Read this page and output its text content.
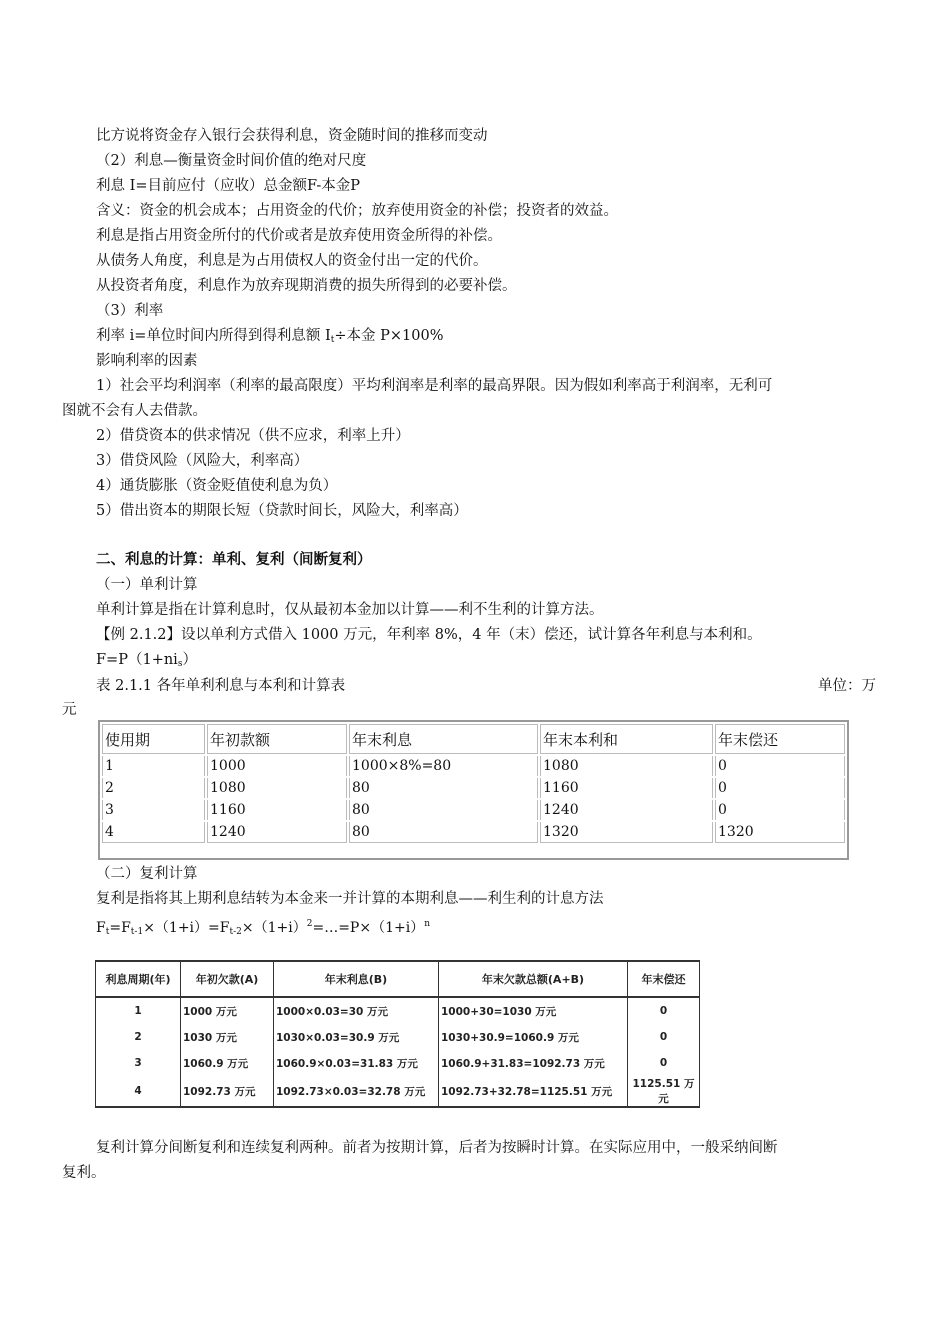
比方说将资金存入银行会获得利息，资金随时间的推移而变动
（2）利息—衡量资金时间价值的绝对尺度
利息 I=目前应付（应收）总金额F-本金P
含义：资金的机会成本；占用资金的代价；放弃使用资金的补偿；投资者的效益。
利息是指占用资金所付的代价或者是放弃使用资金所得的补偿。
从债务人角度，利息是为占用债权人的资金付出一定的代价。
从投资者角度，利息作为放弃现期消费的损失所得到的必要补偿。
（3）利率
利率 i=单位时间内所得到得利息额 $I_t\div$本金 P×100%
影响利率的因素
1）社会平均利润率（利率的最高限度）平均利润率是利率的最高界限。因为假如利率高于利润率，无利可
图就不会有人去借款。
2）借贷资本的供求情况（供不应求，利率上升）
3）借贷风险（风险大，利率高）
4）通货膨胀（资金贬值使利息为负）
5）借出资本的期限长短（贷款时间长，风险大，利率高）
二、利息的计算：单利、复利（间断复利）
（一）单利计算
单利计算是指在计算利息时，仅从最初本金加以计算——利不生利的计算方法。
【例 2.1.2】设以单利方式借入 1000 万元，年利率 8%，4 年（末）偿还，试计算各年利息与本利和。
$F=P(1+ni_s)$
表 2.1.1 各年单利利息与本利和计算表	单位：万
元
使用期	年初款额	年末利息	年末本利和	年末偿还
1	1000	1000×8%=80	1080	0
2	1080	80	1160	0
3	1160	80	1240	0
4	1240	80	1320	1320
（二）复利计算
复利是指将其上期利息结转为本金来一并计算的本期利息——利生利的计息方法
$F_t=F_{t-1}\times(1+i)=F_{t-2}\times(1+i)^2=\dots=P\times(1+i)^n$
利息周期(年)	年初欠款(A)	年末利息(B)	年末欠款总额(A+B)	年末偿还
1	1000 万元	1000×0.03=30 万元	1000+30=1030 万元	0
2	1030 万元	1030×0.03=30.9 万元	1030+30.9=1060.9 万元	0
3	1060.9 万元	1060.9×0.03=31.83 万元	1060.9+31.83=1092.73 万元	0
4	1092.73 万元	1092.73×0.03=32.78 万元	1092.73+32.78=1125.51 万元	1125.51 万元
复利计算分间断复利和连续复利两种。前者为按期计算，后者为按瞬时计算。在实际应用中，一般采纳间断
复利。
